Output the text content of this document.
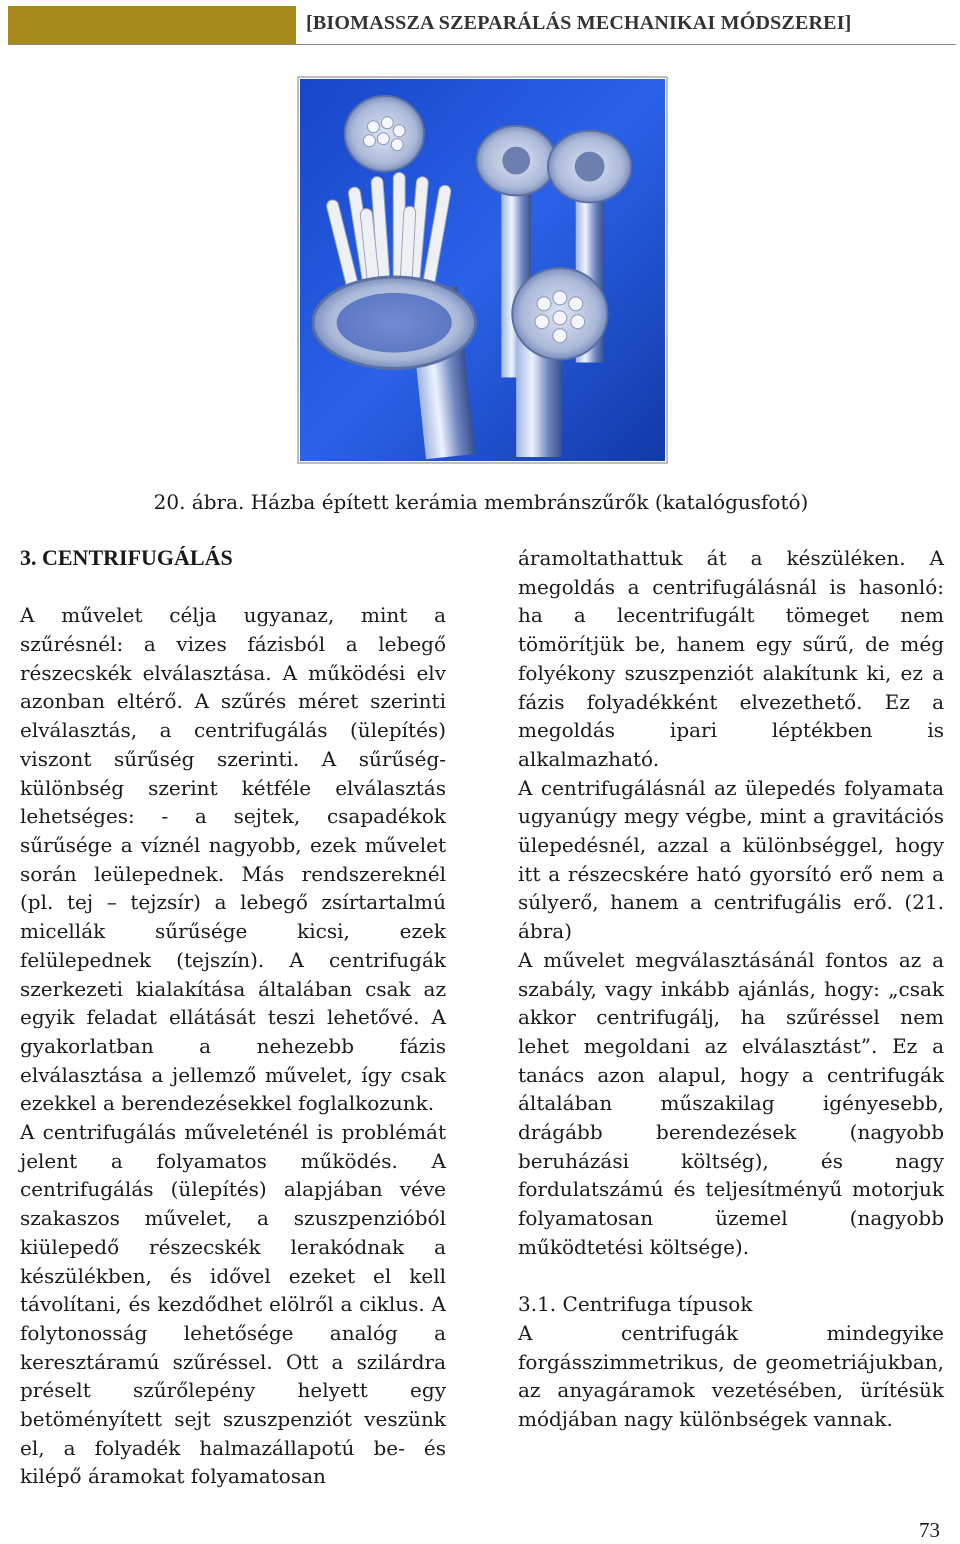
[BIOMASSZA SZEPARÁLÁS MECHANIKAI MÓDSZEREI]
20. ábra. Házba épített kerámia membránszűrők (katalógusfotó)
3. CENTRIFUGÁLÁS

A művelet célja ugyanaz, mint a szűrésnél: a vizes fázisból a lebegő részecskék elválasztása. A működési elv azonban eltérő. A szűrés méret szerinti elválasztás, a centrifugálás (ülepítés) viszont sűrűség szerinti. A sűrűség-különbség szerint kétféle elválasztás lehetséges: - a sejtek, csapadékok sűrűsége a víznél nagyobb, ezek művelet során leülepednek. Más rendszereknél (pl. tej – tejzsír) a lebegő zsírtartalmú micellák sűrűsége kicsi, ezek felülepednek (tejszín). A centrifugák szerkezeti kialakítása általában csak az egyik feladat ellátását teszi lehetővé. A gyakorlatban a nehezebb fázis elválasztása a jellemző művelet, így csak ezekkel a berendezésekkel foglalkozunk.

A centrifugálás műveleténél is problémát jelent a folyamatos működés. A centrifugálás (ülepítés) alapjában véve szakaszos művelet, a szuszpenzióból kiülepedő részecskék lerakódnak a készülékben, és idővel ezeket el kell távolítani, és kezdődhet elölről a ciklus. A folytonosság lehetősége analóg a keresztáramú szűréssel. Ott a szilárdra préselt szűrőlepény helyett egy betöményített sejt szuszpenziót veszünk el, a folyadék halmazállapotú be- és kilépő áramokat folyamatosan

áramoltathattuk át a készüléken. A megoldás a centrifugálásnál is hasonló: ha a lecentrifugált tömeget nem tömörítjük be, hanem egy sűrű, de még folyékony szuszpenziót alakítunk ki, ez a fázis folyadékként elvezethető. Ez a megoldás ipari léptékben is alkalmazható.

A centrifugálásnál az ülepedés folyamata ugyanúgy megy végbe, mint a gravitációs ülepedésnél, azzal a különbséggel, hogy itt a részecskére ható gyorsító erő nem a súlyerő, hanem a centrifugális erő. (21. ábra)

A művelet megválasztásánál fontos az a szabály, vagy inkább ajánlás, hogy: „csak akkor centrifugálj, ha szűréssel nem lehet megoldani az elválasztást”. Ez a tanács azon alapul, hogy a centrifugák általában műszakilag igényesebb, drágább berendezések (nagyobb beruházási költség), és nagy fordulatszámú és teljesítményű motorjuk folyamatosan üzemel (nagyobb működtetési költsége).

3.1. Centrifuga típusok

A centrifugák mindegyike forgásszimmetrikus, de geometriájukban, az anyagáramok vezetésében, ürítésük módjában nagy különbségek vannak.

73
